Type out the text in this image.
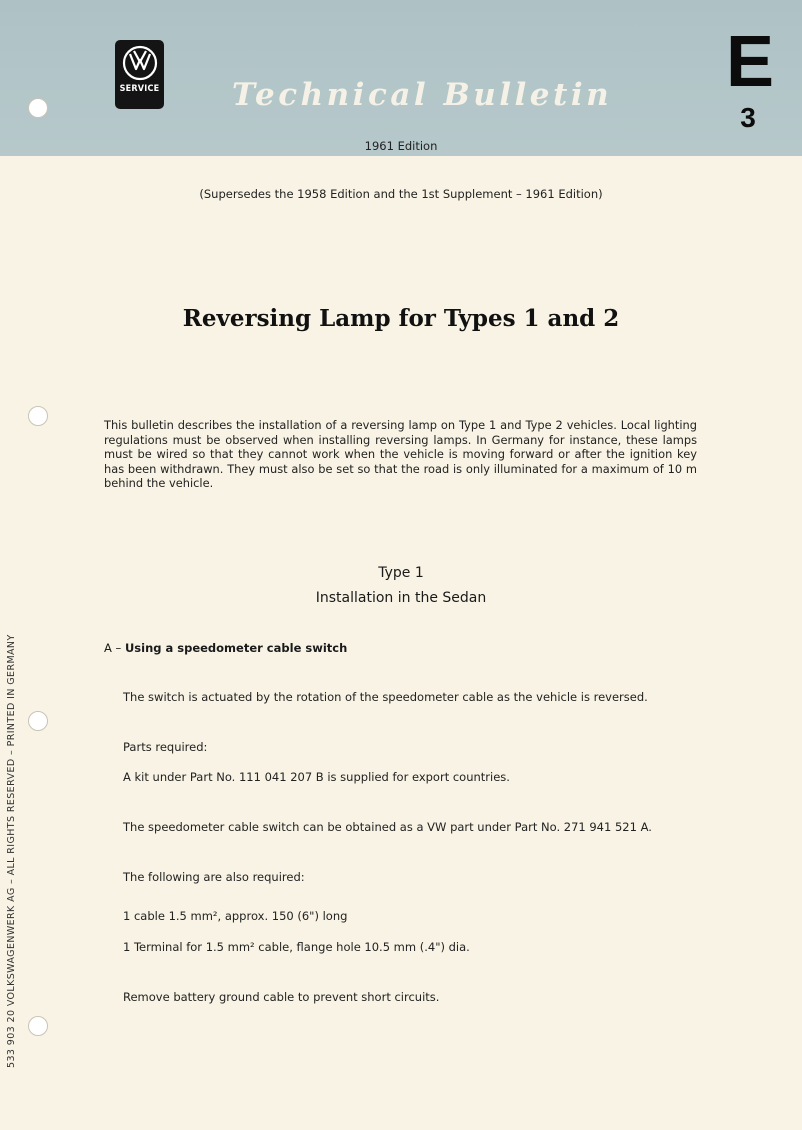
SERVICE Technical Bulletin E
3
1961 Edition
(Supersedes the 1958 Edition and the 1st Supplement – 1961 Edition)
Reversing Lamp for Types 1 and 2
This bulletin describes the installation of a reversing lamp on Type 1 and Type 2 vehicles. Local lighting regulations must be observed when installing reversing lamps. In Germany for instance, these lamps must be wired so that they cannot work when the vehicle is moving forward or after the ignition key has been withdrawn. They must also be set so that the road is only illuminated for a maximum of 10 m behind the vehicle.
Type 1
Installation in the Sedan
A – Using a speedometer cable switch
The switch is actuated by the rotation of the speedometer cable as the vehicle is reversed.
Parts required:
A kit under Part No. 111 041 207 B is supplied for export countries.
The speedometer cable switch can be obtained as a VW part under Part No. 271 941 521 A.
The following are also required:
1 cable 1.5 mm², approx. 150 (6") long
1 Terminal for 1.5 mm² cable, flange hole 10.5 mm (.4") dia.
Remove battery ground cable to prevent short circuits.
533 903 20 VOLKSWAGENWERK AG – ALL RIGHTS RESERVED – PRINTED IN GERMANY
